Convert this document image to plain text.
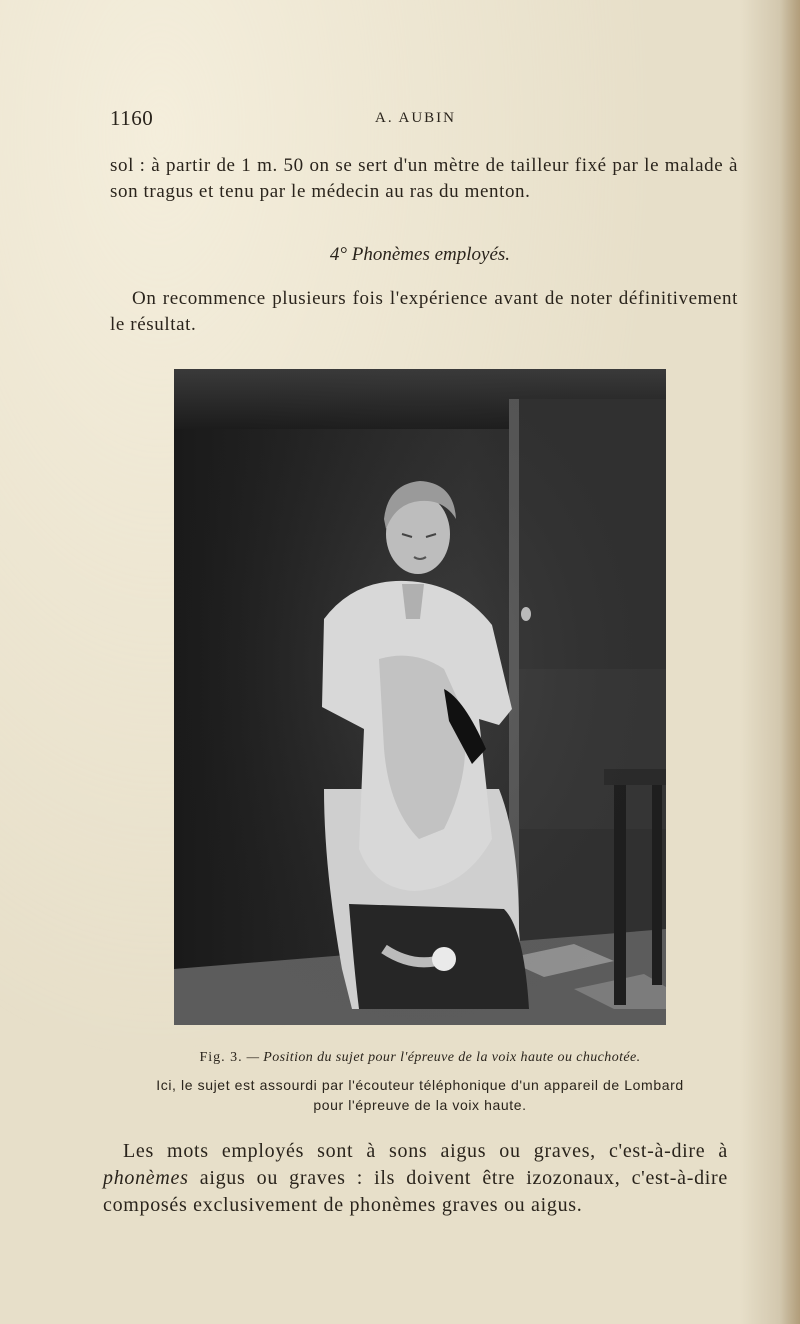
1160	A. AUBIN
sol : à partir de 1 m. 50 on se sert d'un mètre de tailleur fixé par le malade à son tragus et tenu par le médecin au ras du menton.
4° Phonèmes employés.
On recommence plusieurs fois l'expérience avant de noter définitivement le résultat.
Fig. 3. — Position du sujet pour l'épreuve de la voix haute ou chuchotée.
Ici, le sujet est assourdi par l'écouteur téléphonique d'un appareil de Lombard
pour l'épreuve de la voix haute.
Les mots employés sont à sons aigus ou graves, c'est-à-dire à phonèmes aigus ou graves : ils doivent être izozonaux, c'est-à-dire composés exclusivement de phonèmes graves ou aigus.
